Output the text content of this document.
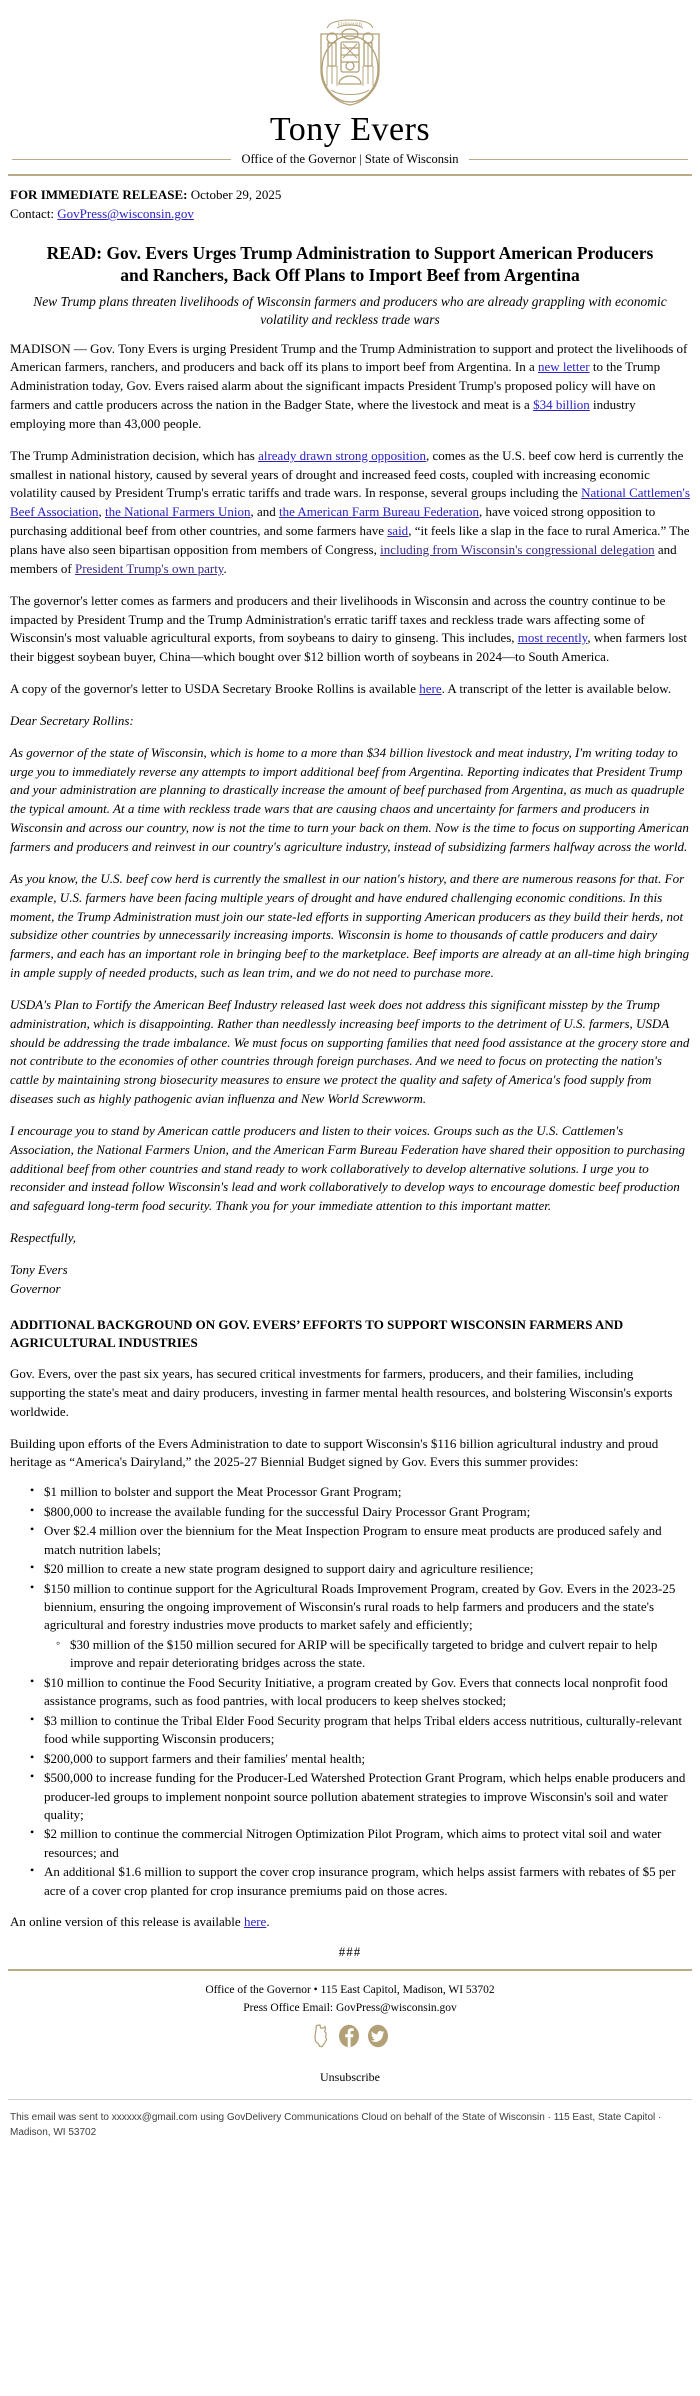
FORWARD
Tony Evers
Office of the Governor | State of Wisconsin
FOR IMMEDIATE RELEASE: October 29, 2025
Contact: GovPress@wisconsin.gov
READ: Gov. Evers Urges Trump Administration to Support American Producers and Ranchers, Back Off Plans to Import Beef from Argentina
New Trump plans threaten livelihoods of Wisconsin farmers and producers who are already grappling with economic volatility and reckless trade wars

MADISON — Gov. Tony Evers is urging President Trump and the Trump Administration to support and protect the livelihoods of American farmers, ranchers, and producers and back off its plans to import beef from Argentina. In a new letter to the Trump Administration today, Gov. Evers raised alarm about the significant impacts President Trump's proposed policy will have on farmers and cattle producers across the nation in the Badger State, where the livestock and meat is a $34 billion industry employing more than 43,000 people.

The Trump Administration decision, which has already drawn strong opposition, comes as the U.S. beef cow herd is currently the smallest in national history, caused by several years of drought and increased feed costs, coupled with increasing economic volatility caused by President Trump's erratic tariffs and trade wars. In response, several groups including the National Cattlemen's Beef Association, the National Farmers Union, and the American Farm Bureau Federation, have voiced strong opposition to purchasing additional beef from other countries, and some farmers have said, “it feels like a slap in the face to rural America.” The plans have also seen bipartisan opposition from members of Congress, including from Wisconsin's congressional delegation and members of President Trump's own party.

The governor's letter comes as farmers and producers and their livelihoods in Wisconsin and across the country continue to be impacted by President Trump and the Trump Administration's erratic tariff taxes and reckless trade wars affecting some of Wisconsin's most valuable agricultural exports, from soybeans to dairy to ginseng. This includes, most recently, when farmers lost their biggest soybean buyer, China—which bought over $12 billion worth of soybeans in 2024—to South America.

A copy of the governor's letter to USDA Secretary Brooke Rollins is available here. A transcript of the letter is available below.

Dear Secretary Rollins:

As governor of the state of Wisconsin, which is home to a more than $34 billion livestock and meat industry, I'm writing today to urge you to immediately reverse any attempts to import additional beef from Argentina. Reporting indicates that President Trump and your administration are planning to drastically increase the amount of beef purchased from Argentina, as much as quadruple the typical amount. At a time with reckless trade wars that are causing chaos and uncertainty for farmers and producers in Wisconsin and across our country, now is not the time to turn your back on them. Now is the time to focus on supporting American farmers and producers and reinvest in our country's agriculture industry, instead of subsidizing farmers halfway across the world.

As you know, the U.S. beef cow herd is currently the smallest in our nation's history, and there are numerous reasons for that. For example, U.S. farmers have been facing multiple years of drought and have endured challenging economic conditions. In this moment, the Trump Administration must join our state-led efforts in supporting American producers as they build their herds, not subsidize other countries by unnecessarily increasing imports. Wisconsin is home to thousands of cattle producers and dairy farmers, and each has an important role in bringing beef to the marketplace. Beef imports are already at an all-time high bringing in ample supply of needed products, such as lean trim, and we do not need to purchase more.

USDA's Plan to Fortify the American Beef Industry released last week does not address this significant misstep by the Trump administration, which is disappointing. Rather than needlessly increasing beef imports to the detriment of U.S. farmers, USDA should be addressing the trade imbalance. We must focus on supporting families that need food assistance at the grocery store and not contribute to the economies of other countries through foreign purchases. And we need to focus on protecting the nation's cattle by maintaining strong biosecurity measures to ensure we protect the quality and safety of America's food supply from diseases such as highly pathogenic avian influenza and New World Screwworm.

I encourage you to stand by American cattle producers and listen to their voices. Groups such as the U.S. Cattlemen's Association, the National Farmers Union, and the American Farm Bureau Federation have shared their opposition to purchasing additional beef from other countries and stand ready to work collaboratively to develop alternative solutions. I urge you to reconsider and instead follow Wisconsin's lead and work collaboratively to develop ways to encourage domestic beef production and safeguard long-term food security. Thank you for your immediate attention to this important matter.

Respectfully,

Tony Evers
Governor
ADDITIONAL BACKGROUND ON GOV. EVERS’ EFFORTS TO SUPPORT WISCONSIN FARMERS AND AGRICULTURAL INDUSTRIES

Gov. Evers, over the past six years, has secured critical investments for farmers, producers, and their families, including supporting the state's meat and dairy producers, investing in farmer mental health resources, and bolstering Wisconsin's exports worldwide.

Building upon efforts of the Evers Administration to date to support Wisconsin's $116 billion agricultural industry and proud heritage as “America's Dairyland,” the 2025-27 Biennial Budget signed by Gov. Evers this summer provides:

• $1 million to bolster and support the Meat Processor Grant Program;
• $800,000 to increase the available funding for the successful Dairy Processor Grant Program;
• Over $2.4 million over the biennium for the Meat Inspection Program to ensure meat products are produced safely and match nutrition labels;
• $20 million to create a new state program designed to support dairy and agriculture resilience;
• $150 million to continue support for the Agricultural Roads Improvement Program, created by Gov. Evers in the 2023-25 biennium, ensuring the ongoing improvement of Wisconsin's rural roads to help farmers and producers and the state's agricultural and forestry industries move products to market safely and efficiently;
◦ $30 million of the $150 million secured for ARIP will be specifically targeted to bridge and culvert repair to help improve and repair deteriorating bridges across the state.
• $10 million to continue the Food Security Initiative, a program created by Gov. Evers that connects local nonprofit food assistance programs, such as food pantries, with local producers to keep shelves stocked;
• $3 million to continue the Tribal Elder Food Security program that helps Tribal elders access nutritious, culturally-relevant food while supporting Wisconsin producers;
• $200,000 to support farmers and their families' mental health;
• $500,000 to increase funding for the Producer-Led Watershed Protection Grant Program, which helps enable producers and producer-led groups to implement nonpoint source pollution abatement strategies to improve Wisconsin's soil and water quality;
• $2 million to continue the commercial Nitrogen Optimization Pilot Program, which aims to protect vital soil and water resources; and
• An additional $1.6 million to support the cover crop insurance program, which helps assist farmers with rebates of $5 per acre of a cover crop planted for crop insurance premiums paid on those acres.

An online version of this release is available here.

###
Office of the Governor • 115 East Capitol, Madison, WI 53702
Press Office Email: GovPress@wisconsin.gov
Unsubscribe
This email was sent to xxxxxx@gmail.com using GovDelivery Communications Cloud on behalf of the State of Wisconsin · 115 East, State Capitol · Madison, WI 53702
